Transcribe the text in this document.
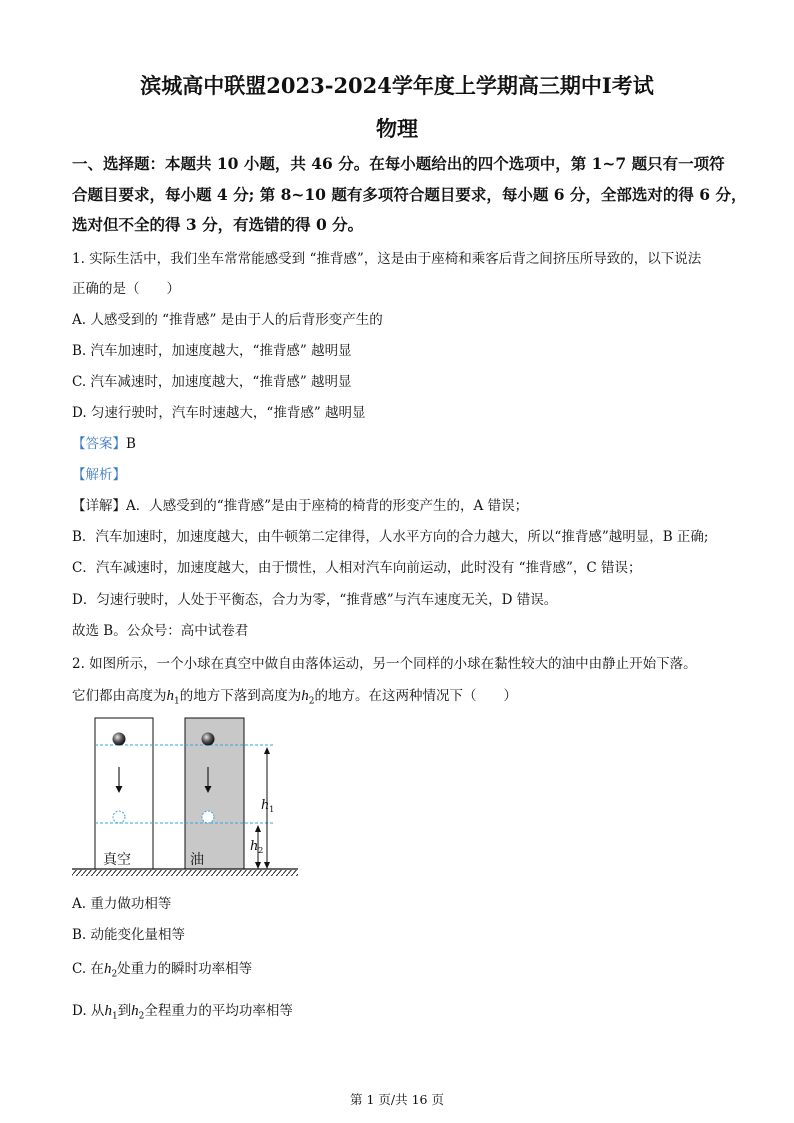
滨城高中联盟2023-2024学年度上学期高三期中Ⅰ考试
物理
一、选择题：本题共 10 小题，共 46 分。在每小题给出的四个选项中，第 1~7 题只有一项符
合题目要求，每小题 4 分; 第 8~10 题有多项符合题目要求，每小题 6 分，全部选对的得 6 分，
选对但不全的得 3 分，有选错的得 0 分。
1. 实际生活中，我们坐车常常能感受到 “推背感”，这是由于座椅和乘客后背之间挤压所导致的，以下说法
正确的是（　　）
A. 人感受到的 “推背感” 是由于人的后背形变产生的
B. 汽车加速时，加速度越大，“推背感” 越明显
C. 汽车减速时，加速度越大，“推背感” 越明显
D. 匀速行驶时，汽车时速越大，“推背感” 越明显
【答案】B
【解析】
【详解】A．人感受到的“推背感”是由于座椅的椅背的形变产生的，A 错误；
B．汽车加速时，加速度越大，由牛顿第二定律得，人水平方向的合力越大，所以“推背感”越明显，B 正确;
C．汽车减速时，加速度越大，由于惯性，人相对汽车向前运动，此时没有 “推背感”，C 错误；
D．匀速行驶时，人处于平衡态，合力为零，“推背感”与汽车速度无关，D 错误。
故选 B。公众号：高中试卷君
2. 如图所示，一个小球在真空中做自由落体运动，另一个同样的小球在黏性较大的油中由静止开始下落。
它们都由高度为$h_1$的地方下落到高度为$h_2$的地方。在这两种情况下（　　）
h 1
h 2
真空	油
A. 重力做功相等
B. 动能变化量相等
C. 在$h_2$处重力的瞬时功率相等
D. 从$h_1$到$h_2$全程重力的平均功率相等
第 1 页/共 16 页
